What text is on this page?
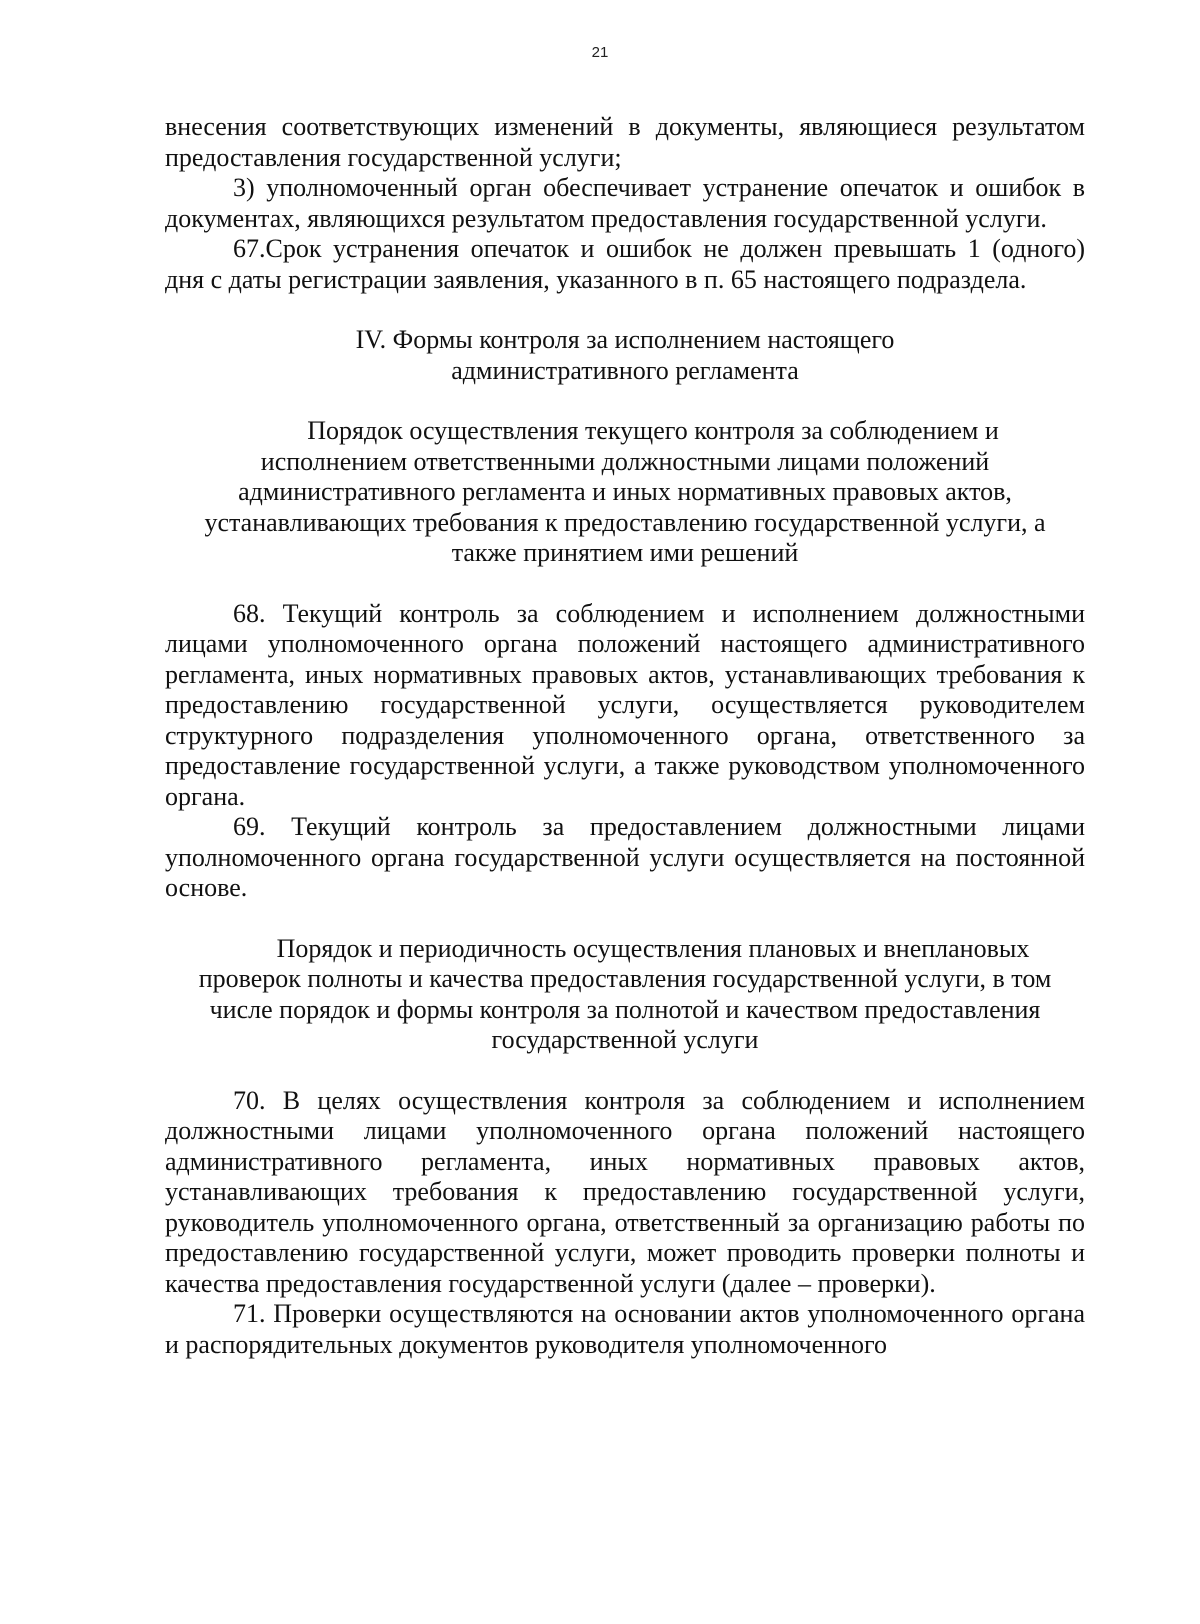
21

внесения соответствующих изменений в документы, являющиеся результатом предоставления государственной услуги;

3) уполномоченный орган обеспечивает устранение опечаток и ошибок в документах, являющихся результатом предоставления государственной услуги.

67.Срок устранения опечаток и ошибок не должен превышать 1 (одного) дня с даты регистрации заявления, указанного в п. 65 настоящего подраздела.

IV. Формы контроля за исполнением настоящего административного регламента

Порядок осуществления текущего контроля за соблюдением и исполнением ответственными должностными лицами положений административного регламента и иных нормативных правовых актов, устанавливающих требования к предоставлению государственной услуги, а также принятием ими решений

68. Текущий контроль за соблюдением и исполнением должностными лицами уполномоченного органа положений настоящего административного регламента, иных нормативных правовых актов, устанавливающих требования к предоставлению государственной услуги, осуществляется руководителем структурного подразделения уполномоченного органа, ответственного за предоставление государственной услуги, а также руководством уполномоченного органа.

69. Текущий контроль за предоставлением должностными лицами уполномоченного органа государственной услуги осуществляется на постоянной основе.

Порядок и периодичность осуществления плановых и внеплановых проверок полноты и качества предоставления государственной услуги, в том числе порядок и формы контроля за полнотой и качеством предоставления государственной услуги

70. В целях осуществления контроля за соблюдением и исполнением должностными лицами уполномоченного органа положений настоящего административного регламента, иных нормативных правовых актов, устанавливающих требования к предоставлению государственной услуги, руководитель уполномоченного органа, ответственный за организацию работы по предоставлению государственной услуги, может проводить проверки полноты и качества предоставления государственной услуги (далее – проверки).

71. Проверки осуществляются на основании актов уполномоченного органа и распорядительных документов руководителя уполномоченного
